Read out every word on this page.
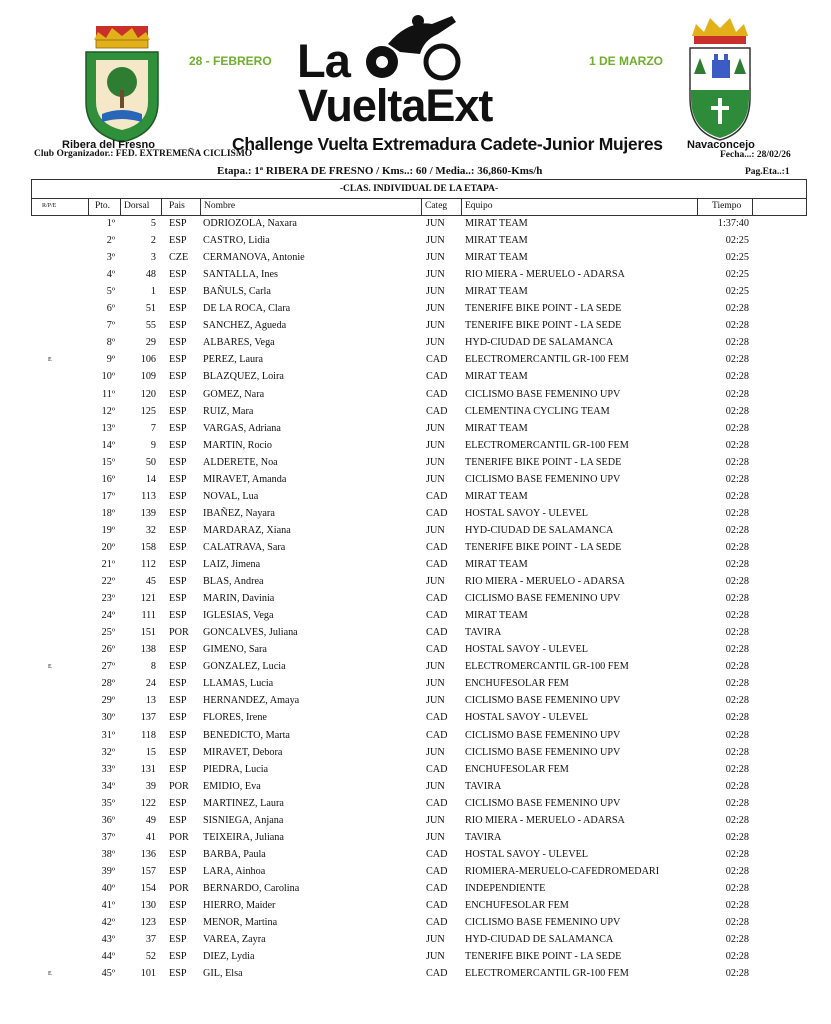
28 - FEBRERO	1 DE MARZO
La
VueltaExt
Ribera del Fresno	Challenge Vuelta Extremadura Cadete-Junior Mujeres Navaconcejo
Club Organizador.: FED. EXTREMEÑA CICLISMO	Fecha...: 28/02/26
Etapa.: 1ª RIBERA DE FRESNO / Kms..: 60 / Media..: 36,860-Kms/h	Pag.Eta..:1
-CLAS. INDIVIDUAL DE LA ETAPA-
R/P/E	Pto. Dorsal Pais Nombre	Categ Equipo	Tiempo
1º	5 ESP ODRIOZOLA, Naxara	JUN MIRAT TEAM	1:37:40
2º	2 ESP CASTRO, Lidia	JUN MIRAT TEAM	02:25
3º	3 CZE CERMANOVA, Antonie	JUN MIRAT TEAM	02:25
4º	48 ESP SANTALLA, Ines	JUN RIO MIERA - MERUELO - ADARSA	02:25
5º	1 ESP BAÑULS, Carla	JUN MIRAT TEAM	02:25
6º	51 ESP DE LA ROCA, Clara	JUN TENERIFE BIKE POINT - LA SEDE	02:28
7º	55 ESP SANCHEZ, Agueda	JUN TENERIFE BIKE POINT - LA SEDE	02:28
8º	29 ESP ALBARES, Vega	JUN HYD-CIUDAD DE SALAMANCA	02:28
E	9º	106 ESP PEREZ, Laura	CAD ELECTROMERCANTIL GR-100 FEM	02:28
10º	109 ESP BLAZQUEZ, Loira	CAD MIRAT TEAM	02:28
11º	120 ESP GOMEZ, Nara	CAD CICLISMO BASE FEMENINO UPV	02:28
12º	125 ESP RUIZ, Mara	CAD CLEMENTINA CYCLING TEAM	02:28
13º	7 ESP VARGAS, Adriana	JUN MIRAT TEAM	02:28
14º	9 ESP MARTIN, Rocio	JUN ELECTROMERCANTIL GR-100 FEM	02:28
15º	50 ESP ALDERETE, Noa	JUN TENERIFE BIKE POINT - LA SEDE	02:28
16º	14 ESP MIRAVET, Amanda	JUN CICLISMO BASE FEMENINO UPV	02:28
17º	113 ESP NOVAL, Lua	CAD MIRAT TEAM	02:28
18º	139 ESP IBAÑEZ, Nayara	CAD HOSTAL SAVOY - ULEVEL	02:28
19º	32 ESP MARDARAZ, Xiana	JUN HYD-CIUDAD DE SALAMANCA	02:28
20º	158 ESP CALATRAVA, Sara	CAD TENERIFE BIKE POINT - LA SEDE	02:28
21º	112 ESP LAIZ, Jimena	CAD MIRAT TEAM	02:28
22º	45 ESP BLAS, Andrea	JUN RIO MIERA - MERUELO - ADARSA	02:28
23º	121 ESP MARIN, Davinia	CAD CICLISMO BASE FEMENINO UPV	02:28
24º	111 ESP IGLESIAS, Vega	CAD MIRAT TEAM	02:28
25º	151 POR GONCALVES, Juliana	CAD TAVIRA	02:28
26º	138 ESP GIMENO, Sara	CAD HOSTAL SAVOY - ULEVEL	02:28
E	27º	8 ESP GONZALEZ, Lucia	JUN ELECTROMERCANTIL GR-100 FEM	02:28
28º	24 ESP LLAMAS, Lucia	JUN ENCHUFESOLAR FEM	02:28
29º	13 ESP HERNANDEZ, Amaya	JUN CICLISMO BASE FEMENINO UPV	02:28
30º	137 ESP FLORES, Irene	CAD HOSTAL SAVOY - ULEVEL	02:28
31º	118 ESP BENEDICTO, Marta	CAD CICLISMO BASE FEMENINO UPV	02:28
32º	15 ESP MIRAVET, Debora	JUN CICLISMO BASE FEMENINO UPV	02:28
33º	131 ESP PIEDRA, Lucia	CAD ENCHUFESOLAR FEM	02:28
34º	39 POR EMIDIO, Eva	JUN TAVIRA	02:28
35º	122 ESP MARTINEZ, Laura	CAD CICLISMO BASE FEMENINO UPV	02:28
36º	49 ESP SISNIEGA, Anjana	JUN RIO MIERA - MERUELO - ADARSA	02:28
37º	41 POR TEIXEIRA, Juliana	JUN TAVIRA	02:28
38º	136 ESP BARBA, Paula	CAD HOSTAL SAVOY - ULEVEL	02:28
39º	157 ESP LARA, Ainhoa	CAD RIOMIERA-MERUELO-CAFEDROMEDARI	02:28
40º	154 POR BERNARDO, Carolina	CAD INDEPENDIENTE	02:28
41º	130 ESP HIERRO, Maider	CAD ENCHUFESOLAR FEM	02:28
42º	123 ESP MENOR, Martina	CAD CICLISMO BASE FEMENINO UPV	02:28
43º	37 ESP VAREA, Zayra	JUN HYD-CIUDAD DE SALAMANCA	02:28
44º	52 ESP DIEZ, Lydia	JUN TENERIFE BIKE POINT - LA SEDE	02:28
E	45º	101 ESP GIL, Elsa	CAD ELECTROMERCANTIL GR-100 FEM	02:28
